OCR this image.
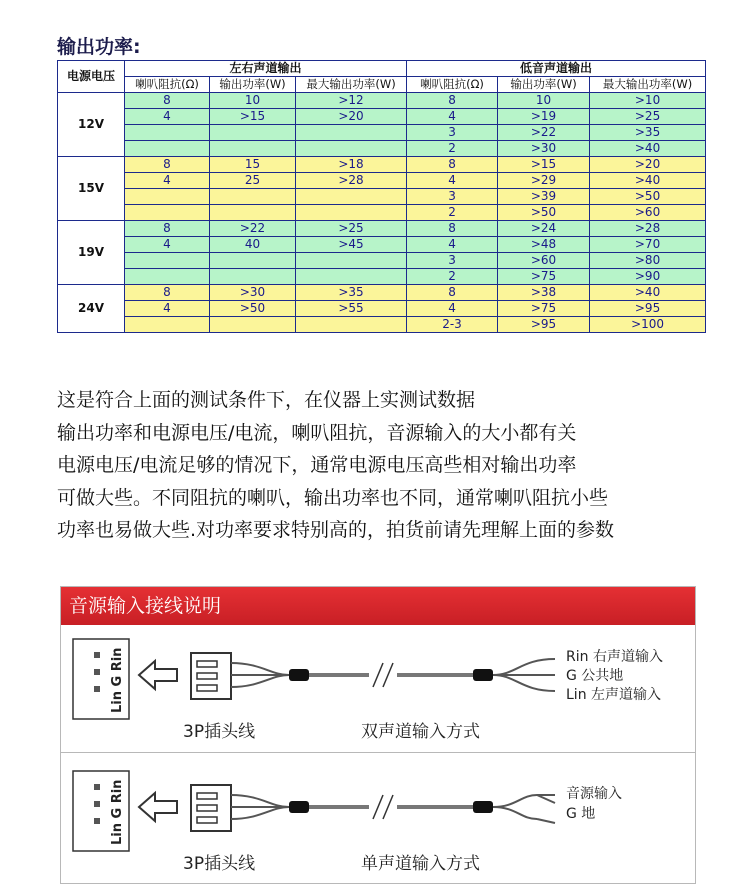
输出功率:
电源电压	左右声道输出			低音声道输出		
	喇叭阻抗(Ω)	输出功率(W)	最大输出功率(W)	喇叭阻抗(Ω)	输出功率(W)	最大输出功率(W)
12V	8	10	>12	8	10	>10
	4	>15	>20	4	>19	>25
				3	>22	>35
				2	>30	>40
15V	8	15	>18	8	>15	>20
	4	25	>28	4	>29	>40
				3	>39	>50
				2	>50	>60
19V	8	>22	>25	8	>24	>28
	4	40	>45	4	>48	>70
				3	>60	>80
				2	>75	>90
24V	8	>30	>35	8	>38	>40
	4	>50	>55	4	>75	>95
				2-3	>95	>100
这是符合上面的测试条件下，在仪器上实测试数据
输出功率和电源电压/电流，喇叭阻抗，音源输入的大小都有关
电源电压/电流足够的情况下，通常电源电压高些相对输出功率
可做大些。不同阻抗的喇叭，输出功率也不同，通常喇叭阻抗小些
功率也易做大些.对功率要求特别高的，拍货前请先理解上面的参数
音源输入接线说明
Lin G Rin	Rin 右声道输入
G 公共地
Lin 左声道输入
3P插头线	双声道输入方式
Lin G Rin	音源输入
G 地
3P插头线	单声道输入方式
